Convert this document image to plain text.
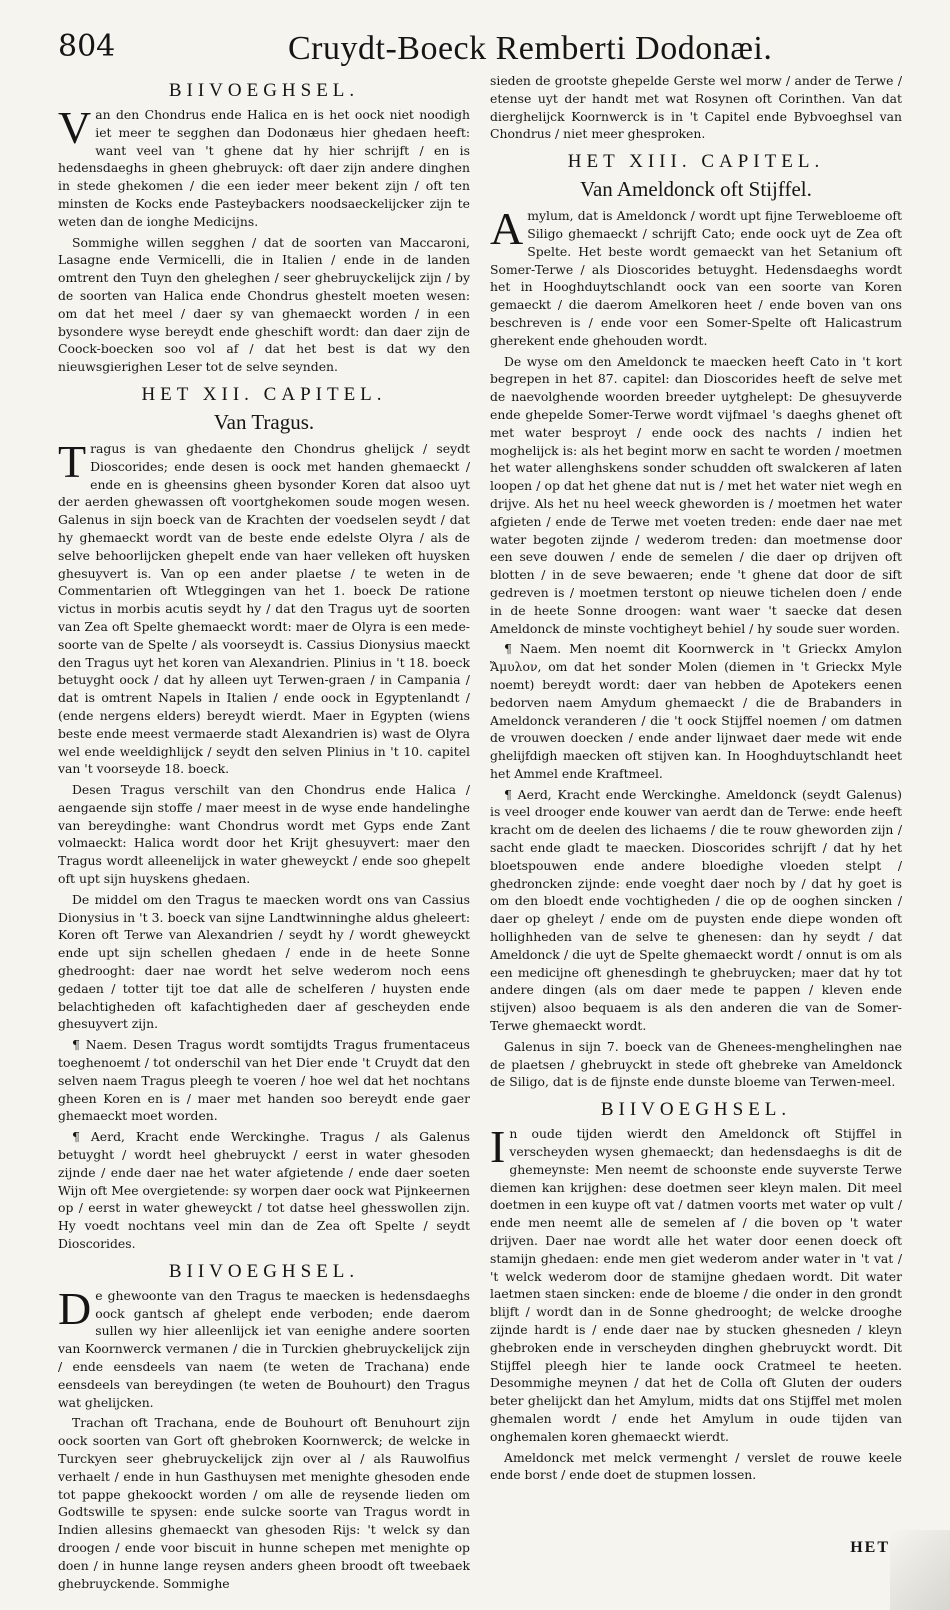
804	Cruydt-Boeck Remberti Dodonæi.
BIIVOEGHSEL.

Van den Chondrus ende Halica en is het oock niet noodigh iet meer te segghen dan Dodonæus hier ghedaen heeft: want veel van 't ghene dat hy hier schrijft / en is hedensdaeghs in gheen ghebruyck: oft daer zijn andere dinghen in stede ghekomen / die een ieder meer bekent zijn / oft ten minsten de Kocks ende Pasteybackers noodsaeckelijcker zijn te weten dan de ionghe Medicijns.

Sommighe willen segghen / dat de soorten van Maccaroni, Lasagne ende Vermicelli, die in Italien / ende in de landen omtrent den Tuyn den gheleghen / seer ghebruyckelijck zijn / by de soorten van Halica ende Chondrus ghestelt moeten wesen: om dat het meel / daer sy van ghemaeckt worden / in een bysondere wyse bereydt ende gheschift wordt: dan daer zijn de Coock-boecken soo vol af / dat het best is dat wy den nieuwsgierighen Leser tot de selve seynden.

HET XII. CAPITEL.
Van Tragus.

Tragus is van ghedaente den Chondrus ghelijck / seydt Dioscorides; ende desen is oock met handen ghemaeckt / ende en is gheensins gheen bysonder Koren dat alsoo uyt der aerden ghewassen oft voortghekomen soude mogen wesen. Galenus in sijn boeck van de Krachten der voedselen seydt / dat hy ghemaeckt wordt van de beste ende edelste Olyra / als de selve behoorlijcken ghepelt ende van haer velleken oft huysken ghesuyvert is. Van op een ander plaetse / te weten in de Commentarien oft Wtleggingen van het 1. boeck De ratione victus in morbis acutis seydt hy / dat den Tragus uyt de soorten van Zea oft Spelte ghemaeckt wordt: maer de Olyra is een mede-soorte van de Spelte / als voorseydt is. Cassius Dionysius maeckt den Tragus uyt het koren van Alexandrien. Plinius in 't 18. boeck betuyght oock / dat hy alleen uyt Terwen-graen / in Campania / dat is omtrent Napels in Italien / ende oock in Egyptenlandt / (ende nergens elders) bereydt wierdt. Maer in Egypten (wiens beste ende meest vermaerde stadt Alexandrien is) wast de Olyra wel ende weeldighlijck / seydt den selven Plinius in 't 10. capitel van 't voorseyde 18. boeck.

Desen Tragus verschilt van den Chondrus ende Halica / aengaende sijn stoffe / maer meest in de wyse ende handelinghe van bereydinghe: want Chondrus wordt met Gyps ende Zant volmaeckt: Halica wordt door het Krijt ghesuyvert: maer den Tragus wordt alleenelijck in water gheweyckt / ende soo ghepelt oft upt sijn huyskens ghedaen.

De middel om den Tragus te maecken wordt ons van Cassius Dionysius in 't 3. boeck van sijne Landtwinninghe aldus gheleert: Koren oft Terwe van Alexandrien / seydt hy / wordt gheweyckt ende upt sijn schellen ghedaen / ende in de heete Sonne ghedrooght: daer nae wordt het selve wederom noch eens gedaen / totter tijt toe dat alle de schelferen / huysten ende belachtigheden oft kafachtigheden daer af gescheyden ende ghesuyvert zijn.

¶ Naem. Desen Tragus wordt somtijdts Tragus frumentaceus toeghenoemt / tot onderschil van het Dier ende 't Cruydt dat den selven naem Tragus pleegh te voeren / hoe wel dat het nochtans gheen Koren en is / maer met handen soo bereydt ende gaer ghemaeckt moet worden.

¶ Aerd, Kracht ende Werckinghe. Tragus / als Galenus betuyght / wordt heel ghebruyckt / eerst in water ghesoden zijnde / ende daer nae het water afgietende / ende daer soeten Wijn oft Mee overgietende: sy worpen daer oock wat Pijnkeernen op / eerst in water gheweyckt / tot datse heel ghesswollen zijn. Hy voedt nochtans veel min dan de Zea oft Spelte / seydt Dioscorides.

BIIVOEGHSEL.

De ghewoonte van den Tragus te maecken is hedensdaeghs oock gantsch af ghelept ende verboden; ende daerom sullen wy hier alleenlijck iet van eenighe andere soorten van Koornwerck vermanen / die in Turckien ghebruyckelijck zijn / ende eensdeels van naem (te weten de Trachana) ende eensdeels van bereydingen (te weten de Bouhourt) den Tragus wat ghelijcken.

Trachan oft Trachana, ende de Bouhourt oft Benuhourt zijn oock soorten van Gort oft ghebroken Koornwerck; de welcke in Turckyen seer ghebruyckelijck zijn over al / als Rauwolfius verhaelt / ende in hun Gasthuysen met menighte ghesoden ende tot pappe ghekoockt worden / om alle de reysende lieden om Godtswille te spysen: ende sulcke soorte van Tragus wordt in Indien allesins ghemaeckt van ghesoden Rijs: 't welck sy dan droogen / ende voor biscuit in hunne schepen met menighte op doen / in hunne lange reysen anders gheen broodt oft tweebaek ghebruyckende. Sommighe

sieden de grootste ghepelde Gerste wel morw / ander de Terwe / etense uyt der handt met wat Rosynen oft Corinthen. Van dat dierghelijck Koornwerck is in 't Capitel ende Bybvoeghsel van Chondrus / niet meer ghesproken.

HET XIII. CAPITEL.
Van Ameldonck oft Stijffel.

Amylum, dat is Ameldonck / wordt upt fijne Terwebloeme oft Siligo ghemaeckt / schrijft Cato; ende oock uyt de Zea oft Spelte. Het beste wordt gemaeckt van het Setanium oft Somer-Terwe / als Dioscorides betuyght. Hedensdaeghs wordt het in Hooghduytschlandt oock van een soorte van Koren gemaeckt / die daerom Amelkoren heet / ende boven van ons beschreven is / ende voor een Somer-Spelte oft Halicastrum gherekent ende ghehouden wordt.

De wyse om den Ameldonck te maecken heeft Cato in 't kort begrepen in het 87. capitel: dan Dioscorides heeft de selve met de naevolghende woorden breeder uytghelept: De ghesuyverde ende ghepelde Somer-Terwe wordt vijfmael 's daeghs ghenet oft met water besproyt / ende oock des nachts / indien het moghelijck is: als het begint morw en sacht te worden / moetmen het water allenghskens sonder schudden oft swalckeren af laten loopen / op dat het ghene dat nut is / met het water niet wegh en drijve. Als het nu heel weeck gheworden is / moetmen het water afgieten / ende de Terwe met voeten treden: ende daer nae met water begoten zijnde / wederom treden: dan moetmense door een seve douwen / ende de semelen / die daer op drijven oft blotten / in de seve bewaeren; ende 't ghene dat door de sift gedreven is / moetmen terstont op nieuwe tichelen doen / ende in de heete Sonne droogen: want waer 't saecke dat desen Ameldonck de minste vochtigheyt behiel / hy soude suer worden.

¶ Naem. Men noemt dit Koornwerck in 't Grieckx Amylon Ἄμυλον, om dat het sonder Molen (diemen in 't Grieckx Myle noemt) bereydt wordt: daer van hebben de Apotekers eenen bedorven naem Amydum ghemaeckt / die de Brabanders in Ameldonck veranderen / die 't oock Stijffel noemen / om datmen de vrouwen doecken / ende ander lijnwaet daer mede wit ende ghelijfdigh maecken oft stijven kan. In Hooghduytschlandt heet het Ammel ende Kraftmeel.

¶ Aerd, Kracht ende Werckinghe. Ameldonck (seydt Galenus) is veel drooger ende kouwer van aerdt dan de Terwe: ende heeft kracht om de deelen des lichaems / die te rouw gheworden zijn / sacht ende gladt te maecken. Dioscorides schrijft / dat hy het bloetspouwen ende andere bloedighe vloeden stelpt / ghedroncken zijnde: ende voeght daer noch by / dat hy goet is om den bloedt ende vochtigheden / die op de ooghen sincken / daer op gheleyt / ende om de puysten ende diepe wonden oft hollighheden van de selve te ghenesen: dan hy seydt / dat Ameldonck / die uyt de Spelte ghemaeckt wordt / onnut is om als een medicijne oft ghenesdingh te ghebruycken; maer dat hy tot andere dingen (als om daer mede te pappen / kleven ende stijven) alsoo bequaem is als den anderen die van de Somer-Terwe ghemaeckt wordt.

Galenus in sijn 7. boeck van de Ghenees-menghelinghen nae de plaetsen / ghebruyckt in stede oft ghebreke van Ameldonck de Siligo, dat is de fijnste ende dunste bloeme van Terwen-meel.

BIIVOEGHSEL.

In oude tijden wierdt den Ameldonck oft Stijffel in verscheyden wysen ghemaeckt; dan hedensdaeghs is dit de ghemeynste: Men neemt de schoonste ende suyverste Terwe diemen kan krijghen: dese doetmen seer kleyn malen. Dit meel doetmen in een kuype oft vat / datmen voorts met water op vult / ende men neemt alle de semelen af / die boven op 't water drijven. Daer nae wordt alle het water door eenen doeck oft stamijn ghedaen: ende men giet wederom ander water in 't vat / 't welck wederom door de stamijne ghedaen wordt. Dit water laetmen staen sincken: ende de bloeme / die onder in den grondt blijft / wordt dan in de Sonne ghedrooght; de welcke drooghe zijnde hardt is / ende daer nae by stucken ghesneden / kleyn ghebroken ende in verscheyden dinghen ghebruyckt wordt. Dit Stijffel pleegh hier te lande oock Cratmeel te heeten. Desommighe meynen / dat het de Colla oft Gluten der ouders beter ghelijckt dan het Amylum, midts dat ons Stijffel met molen ghemalen wordt / ende het Amylum in oude tijden van onghemalen koren ghemaeckt wierdt.

Ameldonck met melck vermenght / verslet de rouwe keele ende borst / ende doet de stupmen lossen.

HET
